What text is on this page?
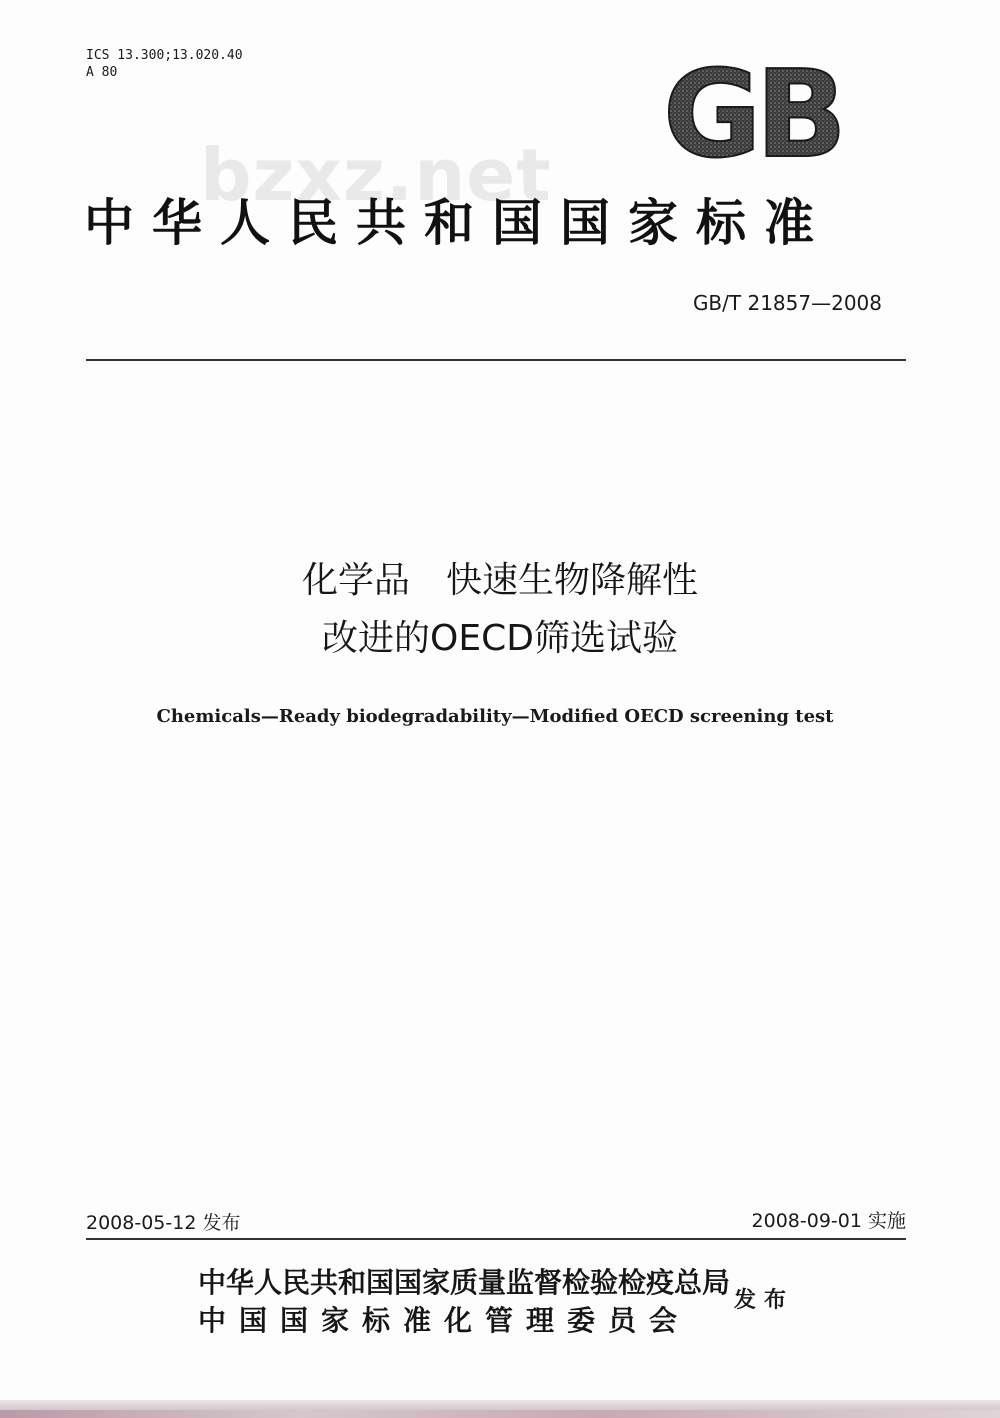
ICS 13.300;13.020.40
A 80	GB
bzxz.net
中华人民共和国国家标准
GB/T 21857—2008
化学品　快速生物降解性
改进的OECD筛选试验
Chemicals—Ready biodegradability—Modified OECD screening test
2008-05-12 发布	2008-09-01 实施
中华人民共和国国家质量监督检验检疫总局
中国国家标准化管理委员会
发布
